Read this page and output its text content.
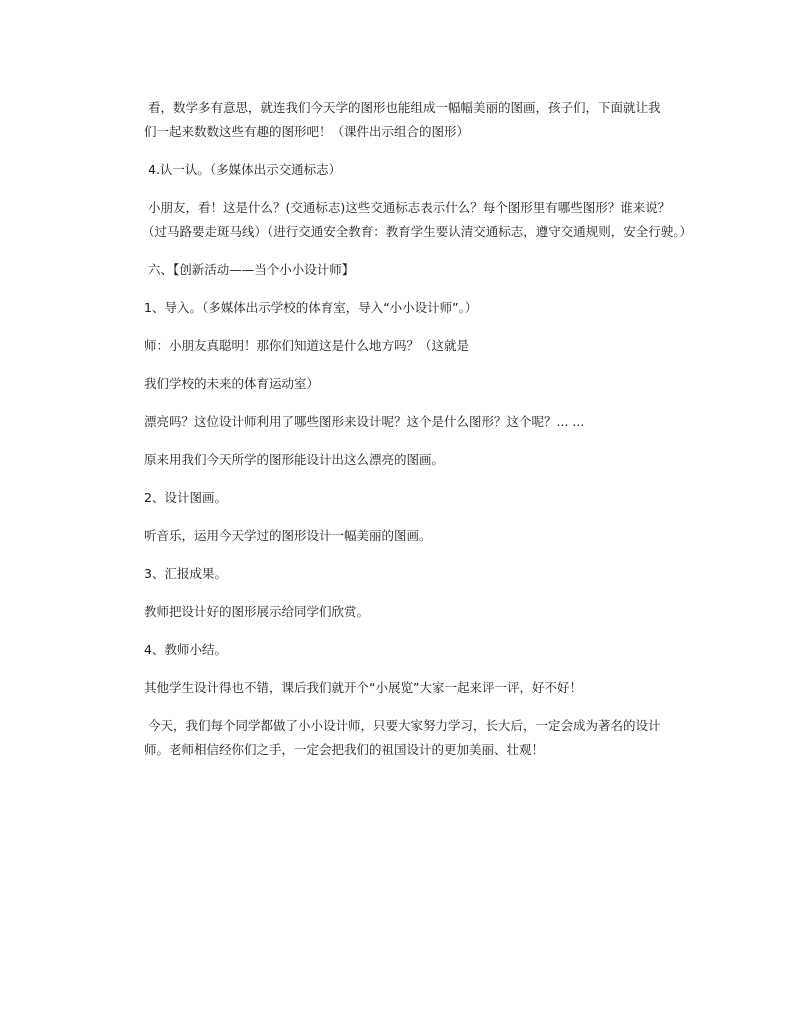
看，数学多有意思，就连我们今天学的图形也能组成一幅幅美丽的图画，孩子们，下面就让我
们一起来数数这些有趣的图形吧！（课件出示组合的图形）

4.认一认。（多媒体出示交通标志）

小朋友，看！这是什么？(交通标志)这些交通标志表示什么？每个图形里有哪些图形？谁来说？
（过马路要走斑马线）（进行交通安全教育：教育学生要认清交通标志，遵守交通规则，安全行驶。）

六、【创新活动——当个小小设计师】

1、导入。（多媒体出示学校的体育室，导入“小小设计师”。）

师：小朋友真聪明！那你们知道这是什么地方吗？（这就是

我们学校的未来的体育运动室）

漂亮吗？这位设计师利用了哪些图形来设计呢？这个是什么图形？这个呢？... ...

原来用我们今天所学的图形能设计出这么漂亮的图画。

2、设计图画。

听音乐，运用今天学过的图形设计一幅美丽的图画。

3、汇报成果。

教师把设计好的图形展示给同学们欣赏。

4、教师小结。

其他学生设计得也不错，课后我们就开个“小展览”大家一起来评一评，好不好！

今天，我们每个同学都做了小小设计师，只要大家努力学习，长大后，一定会成为著名的设计
师。老师相信经你们之手，一定会把我们的祖国设计的更加美丽、壮观！
